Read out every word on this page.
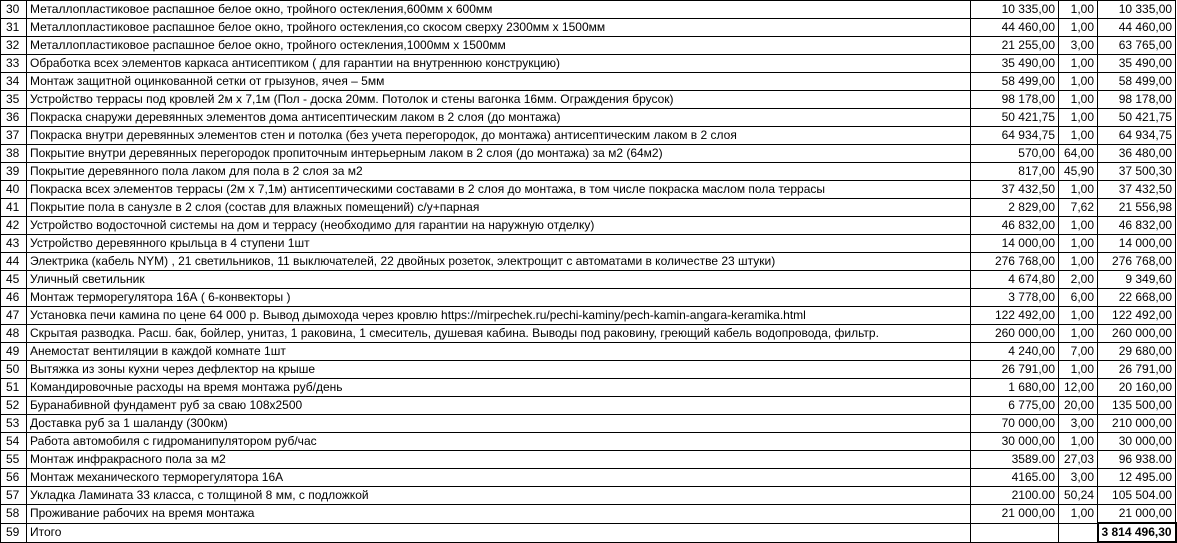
30	Металлопластиковое распашное белое окно, тройного остекления,600мм х 600мм	10 335,00	1,00	10 335,00
31	Металлопластиковое распашное белое окно, тройного остекления,со скосом сверху 2300мм х 1500мм	44 460,00	1,00	44 460,00
32	Металлопластиковое распашное белое окно, тройного остекления,1000мм х 1500мм	21 255,00	3,00	63 765,00
33	Обработка всех элементов каркаса антисептиком ( для гарантии на внутреннюю конструкцию)	35 490,00	1,00	35 490,00
34	Монтаж защитной оцинкованной сетки от грызунов, ячея – 5мм	58 499,00	1,00	58 499,00
35	Устройство террасы под кровлей 2м х 7,1м (Пол - доска 20мм. Потолок и стены вагонка 16мм. Ограждения брусок)	98 178,00	1,00	98 178,00
36	Покраска снаружи деревянных элементов дома антисептическим лаком в 2 слоя (до монтажа)	50 421,75	1,00	50 421,75
37	Покраска внутри деревянных элементов стен и потолка (без учета перегородок, до монтажа) антисептическим лаком в 2 слоя	64 934,75	1,00	64 934,75
38	Покрытие внутри деревянных перегородок пропиточным интерьерным лаком в 2 слоя (до монтажа) за м2 (64м2)	570,00	64,00	36 480,00
39	Покрытие деревянного пола лаком для пола в 2 слоя за м2	817,00	45,90	37 500,30
40	Покраска всех элементов террасы (2м х 7,1м) антисептическими составами в 2 слоя до монтажа, в том числе покраска маслом пола террасы	37 432,50	1,00	37 432,50
41	Покрытие пола в санузле в 2 слоя (состав для влажных помещений) с/у+парная	2 829,00	7,62	21 556,98
42	Устройство водосточной системы на дом и террасу (необходимо для гарантии на наружную отделку)	46 832,00	1,00	46 832,00
43	Устройство деревянного крыльца в 4 ступени 1шт	14 000,00	1,00	14 000,00
44	Электрика (кабель NYM) , 21 светильников, 11 выключателей, 22 двойных розеток, электрощит с автоматами в количестве 23 штуки)	276 768,00	1,00	276 768,00
45	Уличный светильник	4 674,80	2,00	9 349,60
46	Монтаж терморегулятора 16А ( 6-конвекторы )	3 778,00	6,00	22 668,00
47	Установка печи камина по цене 64 000 р. Вывод дымохода через кровлю https://mirpechek.ru/pechi-kaminy/pech-kamin-angara-keramika.html	122 492,00	1,00	122 492,00
48	Скрытая разводка. Расш. бак, бойлер, унитаз, 1 раковина, 1 смеситель, душевая кабина. Выводы под раковину, греющий кабель водопровода, фильтр.	260 000,00	1,00	260 000,00
49	Анемостат вентиляции в каждой комнате 1шт	4 240,00	7,00	29 680,00
50	Вытяжка из зоны кухни через дефлектор на крыше	26 791,00	1,00	26 791,00
51	Командировочные расходы на время монтажа руб/день	1 680,00	12,00	20 160,00
52	Буранабивной фундамент руб за сваю 108х2500	6 775,00	20,00	135 500,00
53	Доставка руб за 1 шаланду (300км)	70 000,00	3,00	210 000,00
54	Работа автомобиля с гидроманипулятором руб/час	30 000,00	1,00	30 000,00
55	Монтаж инфракрасного пола за м2	3589.00	27,03	96 938.00
56	Монтаж механического терморегулятора 16А	4165.00	3,00	12 495.00
57	Укладка Ламината 33 класса, с толщиной 8 мм, с подложкой	2100.00	50,24	105 504.00
58	Проживание рабочих на время монтажа	21 000,00	1,00	21 000,00
59	Итого			3 814 496,30
